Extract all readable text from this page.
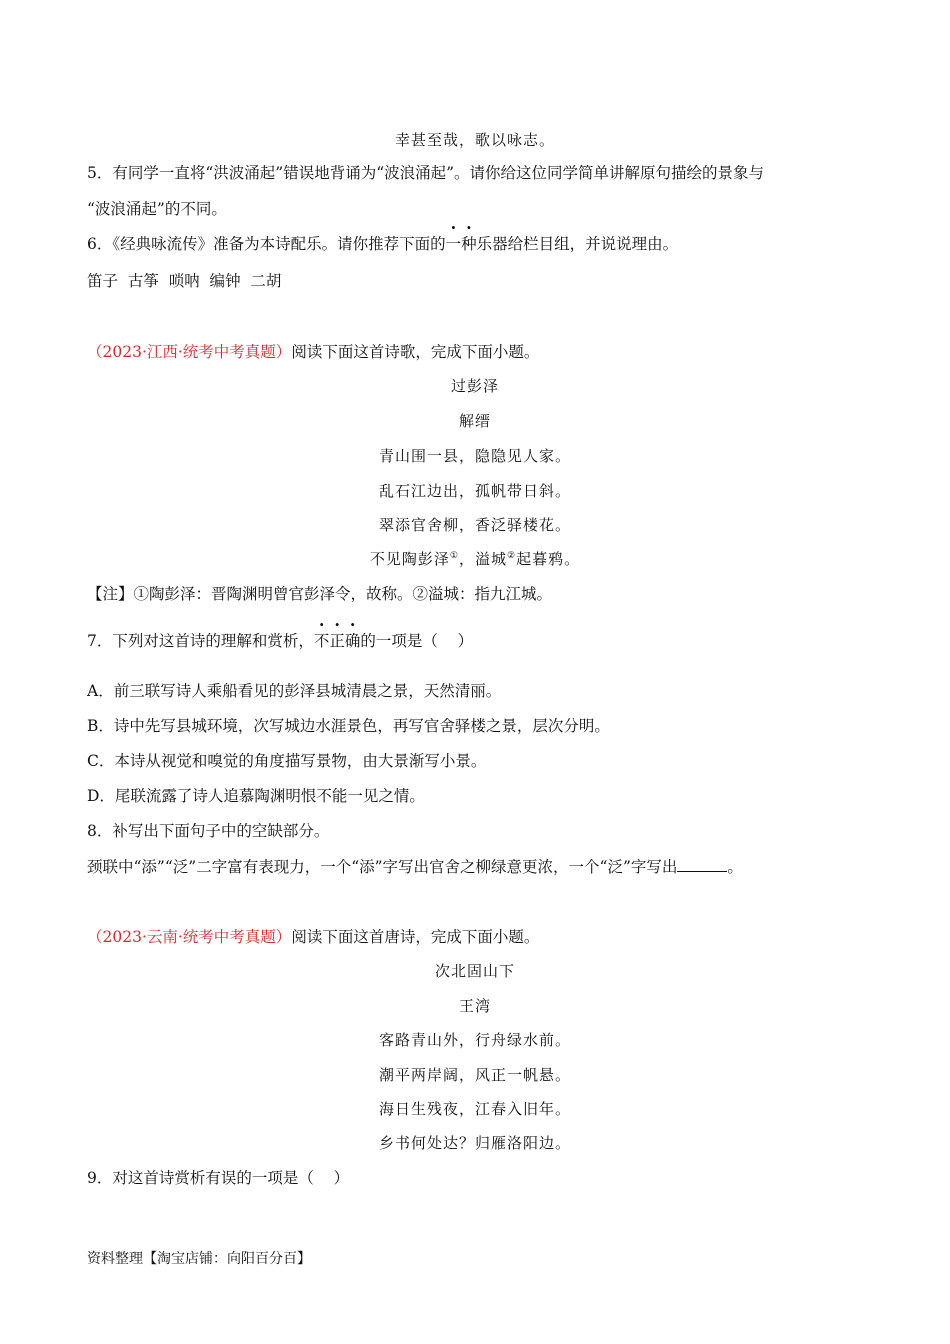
幸甚至哉，歌以咏志。
5．有同学一直将“洪波涌起”错误地背诵为“波浪涌起”。请你给这位同学简单讲解原句描绘的景象与
“波浪涌起”的不同。
6．《经典咏流传》准备为本诗配乐。请你推荐下面的一种乐器给栏目组，并说说理由。
笛子  古筝  唢呐  编钟  二胡
（2023·江西·统考中考真题）阅读下面这首诗歌，完成下面小题。
过彭泽
解缙
青山围一县，隐隐见人家。
乱石江边出，孤帆带日斜。
翠添官舍柳，香泛驿楼花。
不见陶彭泽①，溢城②起暮鸦。
【注】①陶彭泽：晋陶渊明曾官彭泽令，故称。②溢城：指九江城。
7．下列对这首诗的理解和赏析，不正确的一项是（    ）
A．前三联写诗人乘船看见的彭泽县城清晨之景，天然清丽。
B．诗中先写县城环境，次写城边水涯景色，再写官舍驿楼之景，层次分明。
C．本诗从视觉和嗅觉的角度描写景物，由大景渐写小景。
D．尾联流露了诗人追慕陶渊明恨不能一见之情。
8．补写出下面句子中的空缺部分。
颈联中“添”“泛”二字富有表现力，一个“添”字写出官舍之柳绿意更浓，一个“泛”字写出	。
（2023·云南·统考中考真题）阅读下面这首唐诗，完成下面小题。
次北固山下
王湾
客路青山外，行舟绿水前。
潮平两岸阔，风正一帆悬。
海日生残夜，江春入旧年。
乡书何处达？归雁洛阳边。
9．对这首诗赏析有误的一项是（    ）
资料整理【淘宝店铺：向阳百分百】
